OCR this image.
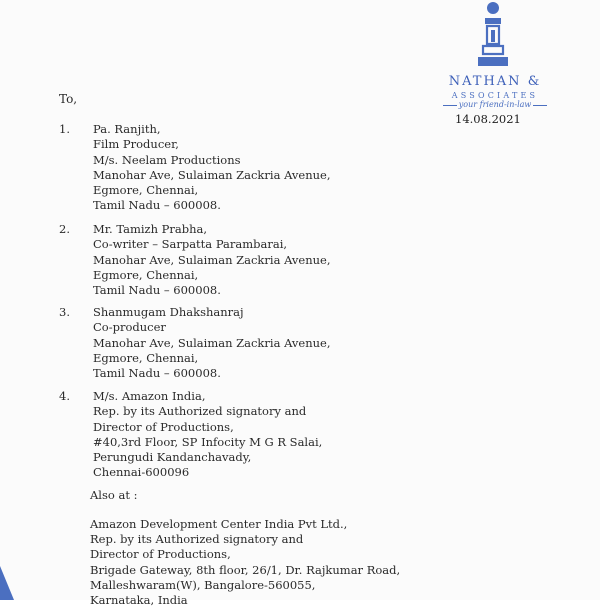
NATHAN &
ASSOCIATES
your friend-in-law
14.08.2021
To,
1. Pa. Ranjith,
Film Producer,
M/s. Neelam Productions
Manohar Ave, Sulaiman Zackria Avenue,
Egmore, Chennai,
Tamil Nadu – 600008.
2. Mr. Tamizh Prabha,
Co-writer – Sarpatta Parambarai,
Manohar Ave, Sulaiman Zackria Avenue,
Egmore, Chennai,
Tamil Nadu – 600008.
3. Shanmugam Dhakshanraj
Co-producer
Manohar Ave, Sulaiman Zackria Avenue,
Egmore, Chennai,
Tamil Nadu – 600008.
4. M/s. Amazon India,
Rep. by its Authorized signatory and
Director of Productions,
#40,3rd Floor, SP Infocity M G R Salai,
Perungudi Kandanchavady,
Chennai-600096
Also at :
Amazon Development Center India Pvt Ltd.,
Rep. by its Authorized signatory and
Director of Productions,
Brigade Gateway, 8th floor, 26/1, Dr. Rajkumar Road,
Malleshwaram(W), Bangalore-560055,
Karnataka, India
